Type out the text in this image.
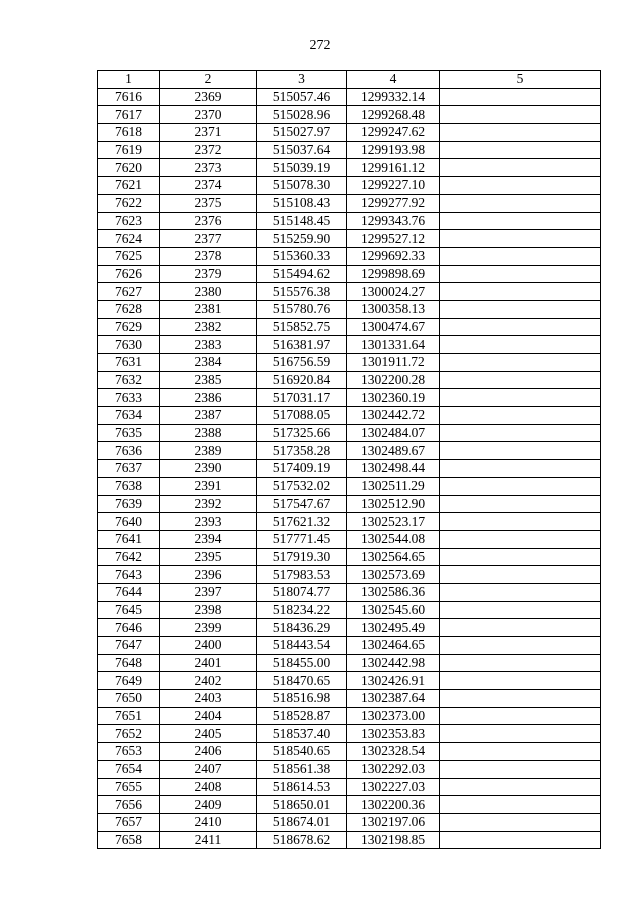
272
1	2	3	4	5
7616	2369	515057.46	1299332.14	
7617	2370	515028.96	1299268.48	
7618	2371	515027.97	1299247.62	
7619	2372	515037.64	1299193.98	
7620	2373	515039.19	1299161.12	
7621	2374	515078.30	1299227.10	
7622	2375	515108.43	1299277.92	
7623	2376	515148.45	1299343.76	
7624	2377	515259.90	1299527.12	
7625	2378	515360.33	1299692.33	
7626	2379	515494.62	1299898.69	
7627	2380	515576.38	1300024.27	
7628	2381	515780.76	1300358.13	
7629	2382	515852.75	1300474.67	
7630	2383	516381.97	1301331.64	
7631	2384	516756.59	1301911.72	
7632	2385	516920.84	1302200.28	
7633	2386	517031.17	1302360.19	
7634	2387	517088.05	1302442.72	
7635	2388	517325.66	1302484.07	
7636	2389	517358.28	1302489.67	
7637	2390	517409.19	1302498.44	
7638	2391	517532.02	1302511.29	
7639	2392	517547.67	1302512.90	
7640	2393	517621.32	1302523.17	
7641	2394	517771.45	1302544.08	
7642	2395	517919.30	1302564.65	
7643	2396	517983.53	1302573.69	
7644	2397	518074.77	1302586.36	
7645	2398	518234.22	1302545.60	
7646	2399	518436.29	1302495.49	
7647	2400	518443.54	1302464.65	
7648	2401	518455.00	1302442.98	
7649	2402	518470.65	1302426.91	
7650	2403	518516.98	1302387.64	
7651	2404	518528.87	1302373.00	
7652	2405	518537.40	1302353.83	
7653	2406	518540.65	1302328.54	
7654	2407	518561.38	1302292.03	
7655	2408	518614.53	1302227.03	
7656	2409	518650.01	1302200.36	
7657	2410	518674.01	1302197.06	
7658	2411	518678.62	1302198.85	
